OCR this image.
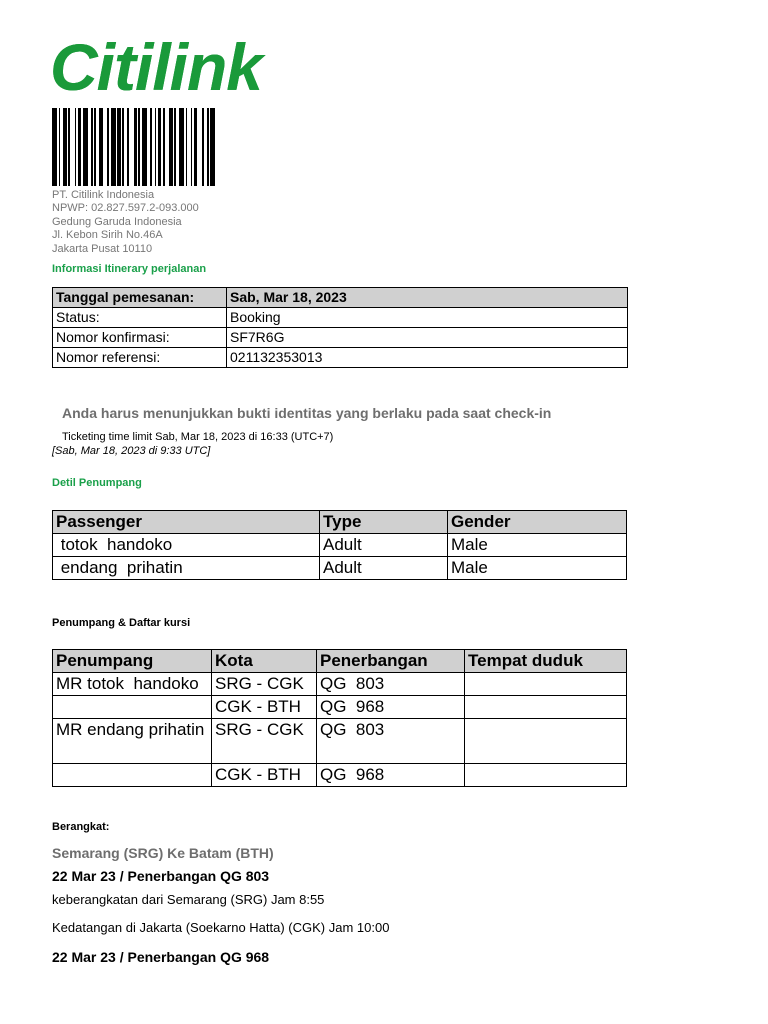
Citilink
PT. Citilink Indonesia
NPWP: 02.827.597.2-093.000
Gedung Garuda Indonesia
Jl. Kebon Sirih No.46A
Jakarta Pusat 10110
Informasi Itinerary perjalanan
Tanggal pemesanan:	Sab, Mar 18, 2023
Status:	Booking
Nomor konfirmasi:	SF7R6G
Nomor referensi:	021132353013
Anda harus menunjukkan bukti identitas yang berlaku pada saat check-in
Ticketing time limit Sab, Mar 18, 2023 di 16:33 (UTC+7)
[Sab, Mar 18, 2023 di 9:33 UTC]
Detil Penumpang
Passenger	Type	Gender
totok  handoko	Adult	Male
endang  prihatin	Adult	Male
Penumpang & Daftar kursi
Penumpang	Kota	Penerbangan	Tempat duduk
MR totok  handoko	SRG - CGK	QG  803	
	CGK - BTH	QG  968	
MR endang prihatin	SRG - CGK	QG  803	
	CGK - BTH	QG  968	
Berangkat:
Semarang (SRG) Ke Batam (BTH)
22 Mar 23 / Penerbangan QG 803
keberangkatan dari Semarang (SRG) Jam 8:55
Kedatangan di Jakarta (Soekarno Hatta) (CGK) Jam 10:00
22 Mar 23 / Penerbangan QG 968
